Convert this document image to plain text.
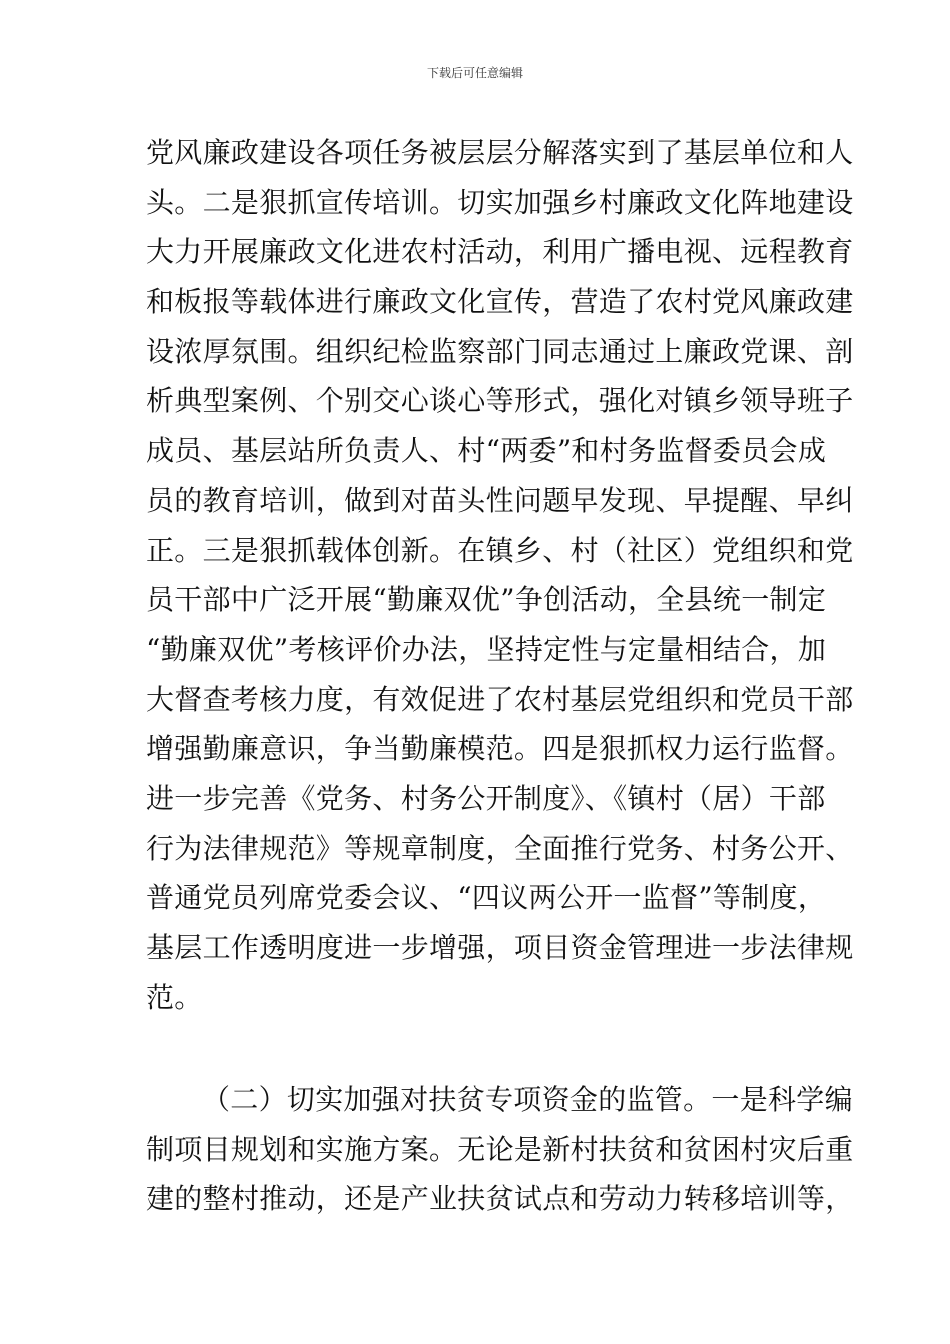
下载后可任意编辑
党风廉政建设各项任务被层层分解落实到了基层单位和人
头。二是狠抓宣传培训。切实加强乡村廉政文化阵地建设
大力开展廉政文化进农村活动，利用广播电视、远程教育
和板报等载体进行廉政文化宣传，营造了农村党风廉政建
设浓厚氛围。组织纪检监察部门同志通过上廉政党课、剖
析典型案例、个别交心谈心等形式，强化对镇乡领导班子
成员、基层站所负责人、村“两委”和村务监督委员会成
员的教育培训，做到对苗头性问题早发现、早提醒、早纠
正。三是狠抓载体创新。在镇乡、村（社区）党组织和党
员干部中广泛开展“勤廉双优”争创活动，全县统一制定
“勤廉双优”考核评价办法，坚持定性与定量相结合，加
大督查考核力度，有效促进了农村基层党组织和党员干部
增强勤廉意识，争当勤廉模范。四是狠抓权力运行监督。
进一步完善《党务、村务公开制度》、《镇村（居）干部
行为法律规范》等规章制度，全面推行党务、村务公开、
普通党员列席党委会议、“四议两公开一监督”等制度，
基层工作透明度进一步增强，项目资金管理进一步法律规
范。
（二）切实加强对扶贫专项资金的监管。一是科学编
制项目规划和实施方案。无论是新村扶贫和贫困村灾后重
建的整村推动，还是产业扶贫试点和劳动力转移培训等，
